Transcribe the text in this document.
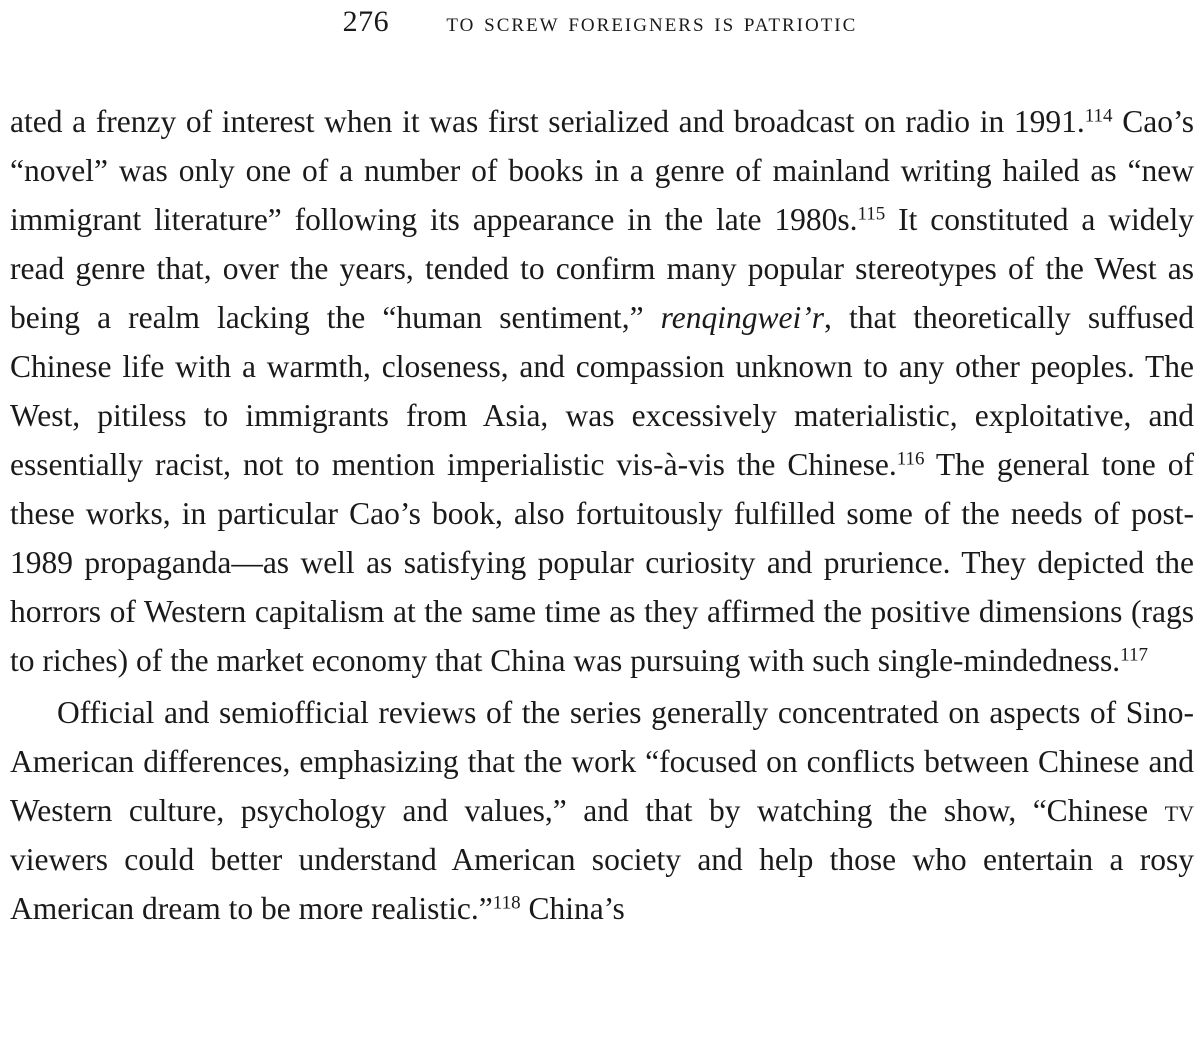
276 to screw foreigners is patriotic

ated a frenzy of interest when it was first serialized and broadcast on radio in 1991.$^{114}$ Cao’s “novel” was only one of a number of books in a genre of mainland writing hailed as “new immigrant literature” following its appearance in the late 1980s.$^{115}$ It constituted a widely read genre that, over the years, tended to confirm many popular stereotypes of the West as being a realm lacking the “human sentiment,” renqingwei’r, that theoretically suffused Chinese life with a warmth, closeness, and compassion unknown to any other peoples. The West, pitiless to immigrants from Asia, was excessively materialistic, exploitative, and essentially racist, not to mention imperialistic vis-à-vis the Chinese.$^{116}$ The general tone of these works, in particular Cao’s book, also fortuitously fulfilled some of the needs of post-1989 propaganda—as well as satisfying popular curiosity and prurience. They depicted the horrors of Western capitalism at the same time as they affirmed the positive dimensions (rags to riches) of the market economy that China was pursuing with such single-mindedness.$^{117}$

Official and semiofficial reviews of the series generally concentrated on aspects of Sino-American differences, emphasizing that the work “focused on conflicts between Chinese and Western culture, psychology and values,” and that by watching the show, “Chinese tv viewers could better understand American society and help those who entertain a rosy American dream to be more realistic.”$^{118}$ China’s
